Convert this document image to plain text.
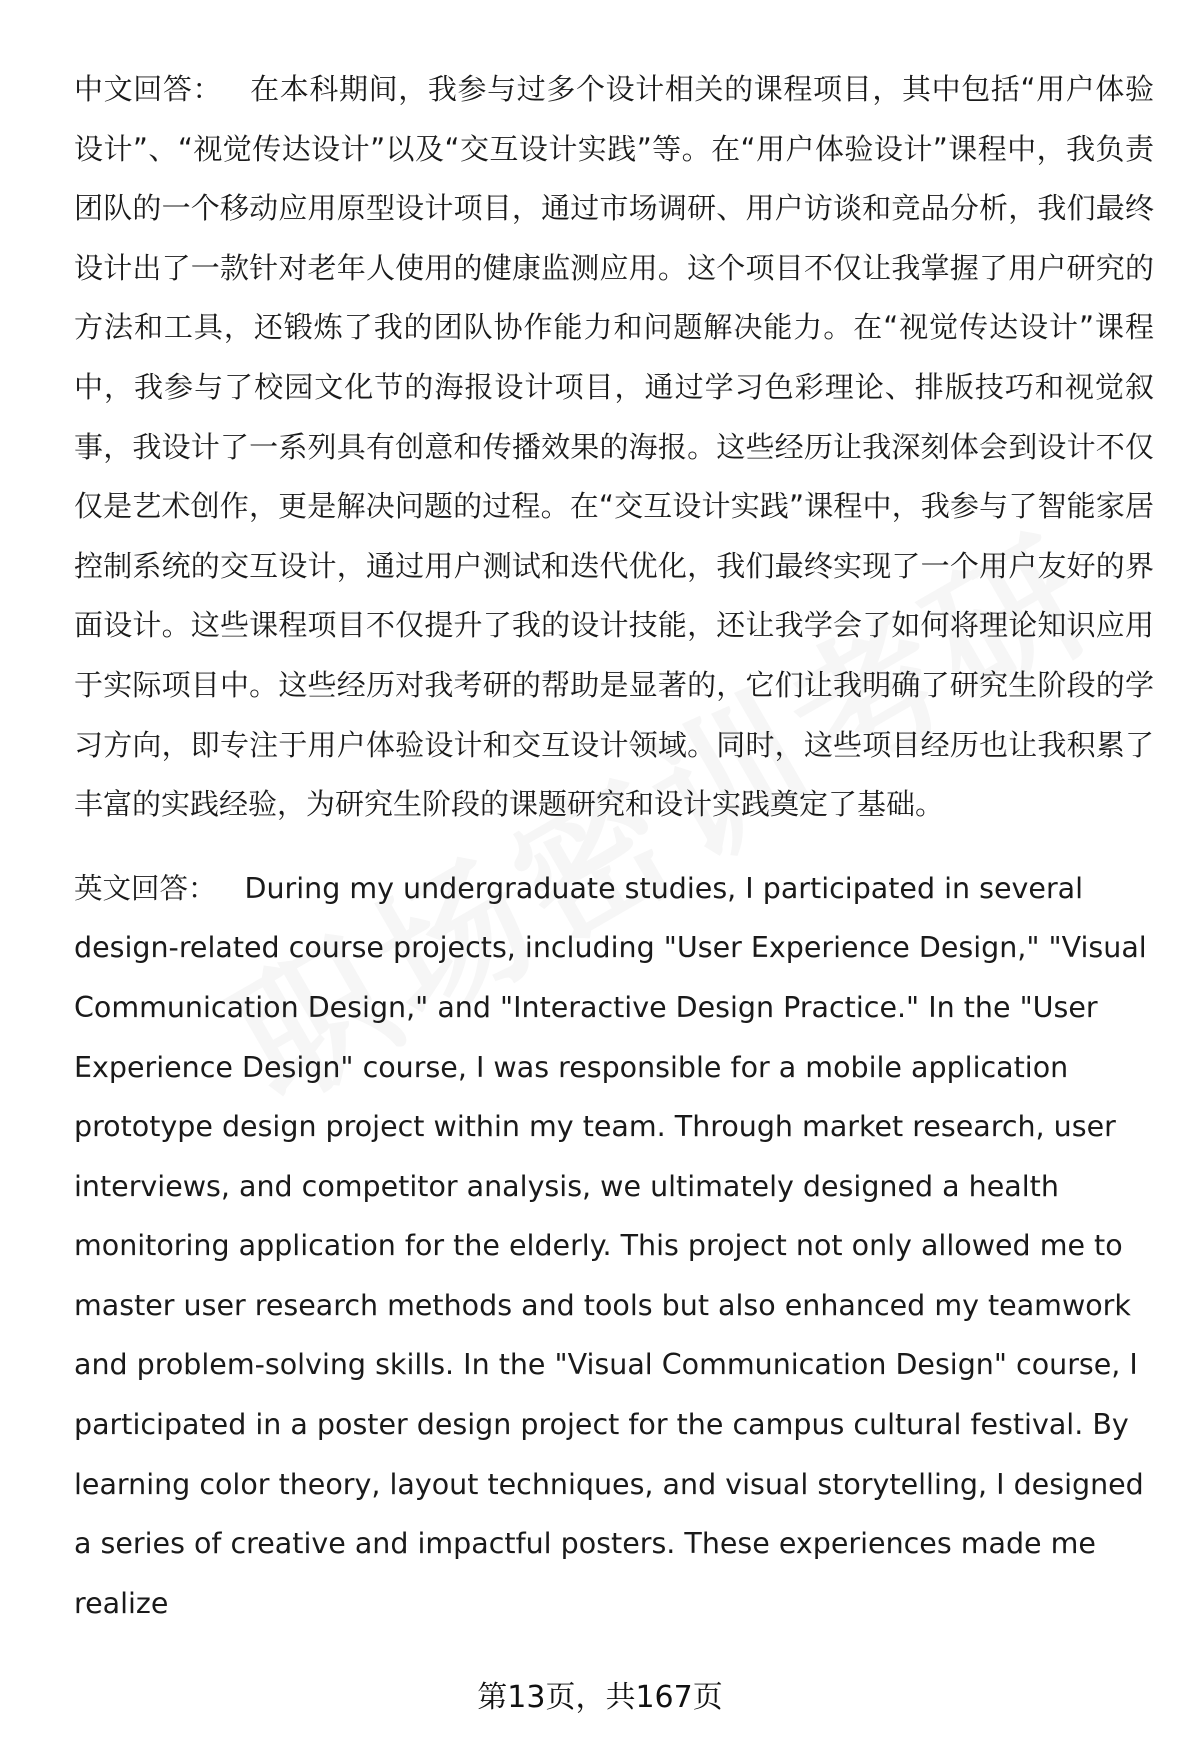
中文回答： 在本科期间，我参与过多个设计相关的课程项目，其中包括“用户体验设计”、“视觉传达设计”以及“交互设计实践”等。在“用户体验设计”课程中，我负责团队的一个移动应用原型设计项目，通过市场调研、用户访谈和竞品分析，我们最终设计出了一款针对老年人使用的健康监测应用。这个项目不仅让我掌握了用户研究的方法和工具，还锻炼了我的团队协作能力和问题解决能力。在“视觉传达设计”课程中，我参与了校园文化节的海报设计项目，通过学习色彩理论、排版技巧和视觉叙事，我设计了一系列具有创意和传播效果的海报。这些经历让我深刻体会到设计不仅仅是艺术创作，更是解决问题的过程。在“交互设计实践”课程中，我参与了智能家居控制系统的交互设计，通过用户测试和迭代优化，我们最终实现了一个用户友好的界面设计。这些课程项目不仅提升了我的设计技能，还让我学会了如何将理论知识应用于实际项目中。这些经历对我考研的帮助是显著的，它们让我明确了研究生阶段的学习方向，即专注于用户体验设计和交互设计领域。同时，这些项目经历也让我积累了丰富的实践经验，为研究生阶段的课题研究和设计实践奠定了基础。

英文回答： During my undergraduate studies, I participated in several design-related course projects, including "User Experience Design," "Visual Communication Design," and "Interactive Design Practice." In the "User Experience Design" course, I was responsible for a mobile application prototype design project within my team. Through market research, user interviews, and competitor analysis, we ultimately designed a health monitoring application for the elderly. This project not only allowed me to master user research methods and tools but also enhanced my teamwork and problem-solving skills. In the "Visual Communication Design" course, I participated in a poster design project for the campus cultural festival. By learning color theory, layout techniques, and visual storytelling, I designed a series of creative and impactful posters. These experiences made me realize

第13页，共167页
